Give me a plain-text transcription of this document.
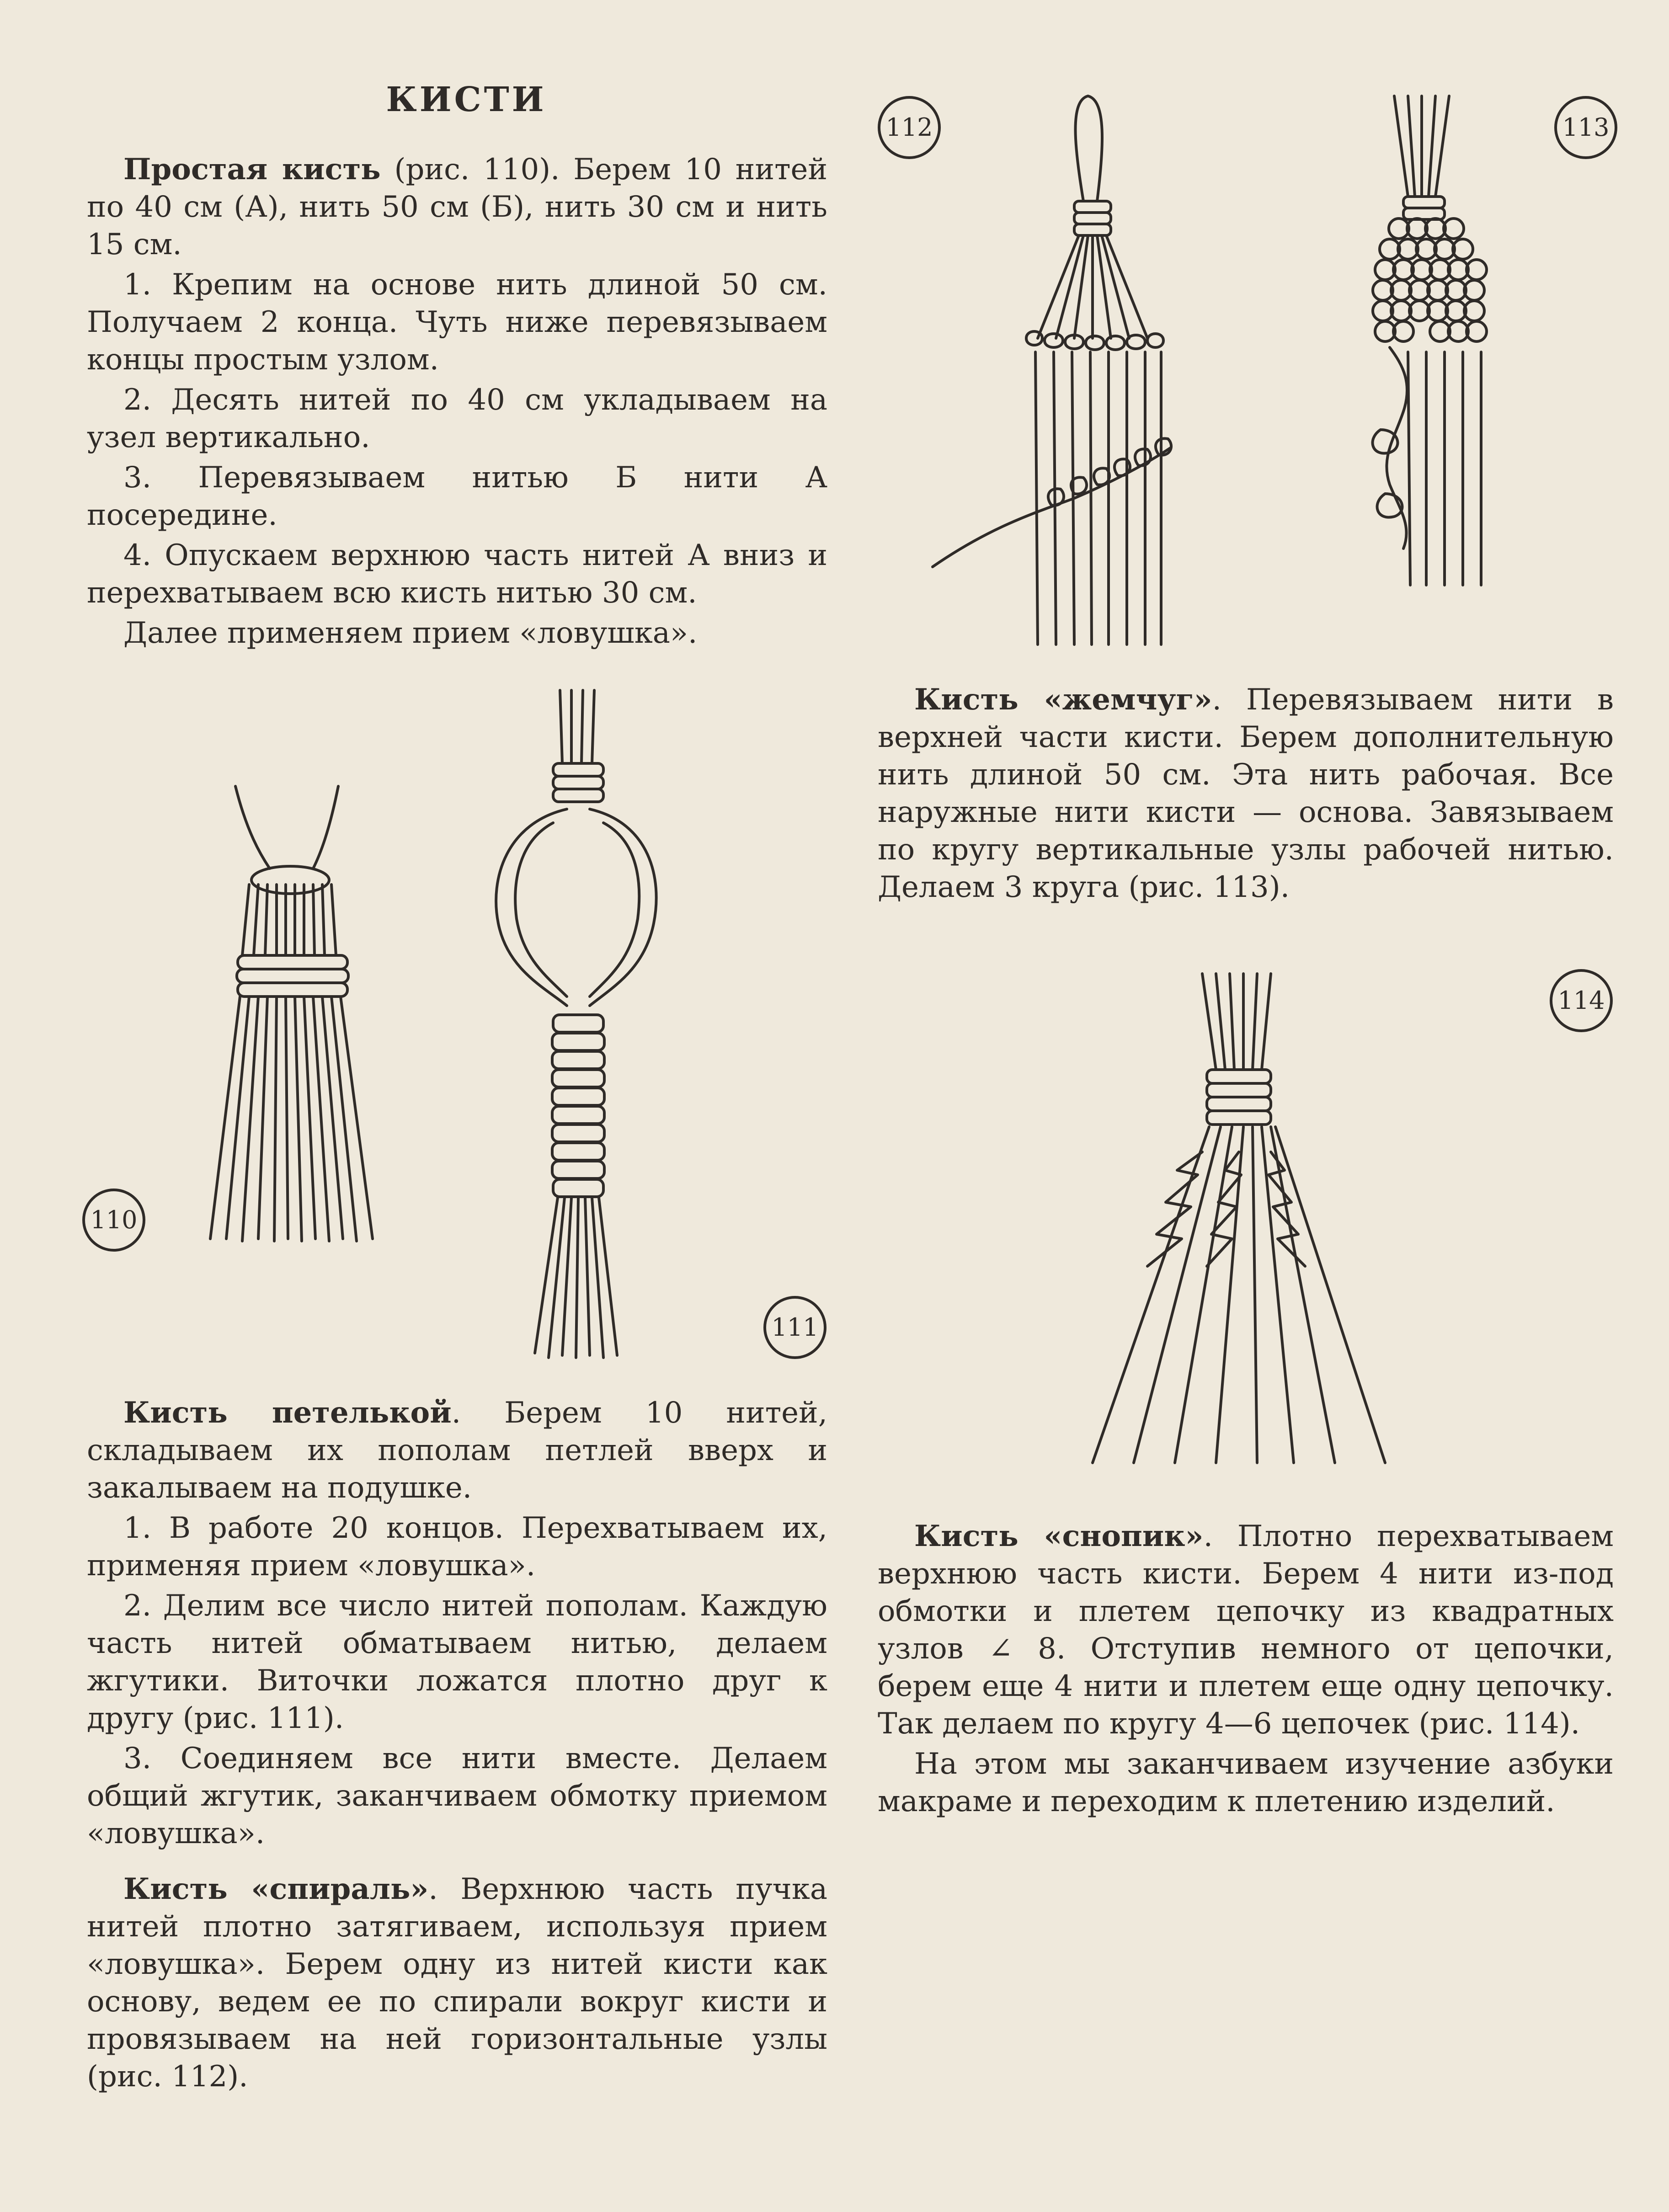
КИСТИ

Простая кисть (рис. 110). Берем 10 нитей по 40 см (А), нить 50 см (Б), нить 30 см и нить 15 см.

1. Крепим на основе нить длиной 50 см. Получаем 2 конца. Чуть ниже перевязываем концы простым узлом.

2. Десять нитей по 40 см укладываем на узел вертикально.

3. Перевязываем нитью Б нити А посередине.

4. Опускаем верхнюю часть нитей А вниз и перехватываем всю кисть нитью 30 см.

Далее применяем прием «ловушка».

Кисть петелькой. Берем 10 нитей, складываем их пополам петлей вверх и закалываем на подушке.

1. В работе 20 концов. Перехватываем их, применяя прием «ловушка».

2. Делим все число нитей пополам. Каждую часть нитей обматываем нитью, делаем жгутики. Виточки ложатся плотно друг к другу (рис. 111).

3. Соединяем все нити вместе. Делаем общий жгутик, заканчиваем обмотку приемом «ловушка».

Кисть «спираль». Верхнюю часть пучка нитей плотно затягиваем, используя прием «ловушка». Берем одну из нитей кисти как основу, ведем ее по спирали вокруг кисти и провязываем на ней горизонтальные узлы (рис. 112).

Кисть «жемчуг». Перевязываем нити в верхней части кисти. Берем дополнительную нить длиной 50 см. Эта нить рабочая. Все наружные нити кисти — основа. Завязываем по кругу вертикальные узлы рабочей нитью. Делаем 3 круга (рис. 113).

Кисть «снопик». Плотно перехватываем верхнюю часть кисти. Берем 4 нити из-под обмотки и плетем цепочку из квадратных узлов ∠ 8. Отступив немного от цепочки, берем еще 4 нити и плетем еще одну цепочку. Так делаем по кругу 4—6 цепочек (рис. 114).

На этом мы заканчиваем изучение азбуки макраме и переходим к плетению изделий.

110
111
112	113
114
